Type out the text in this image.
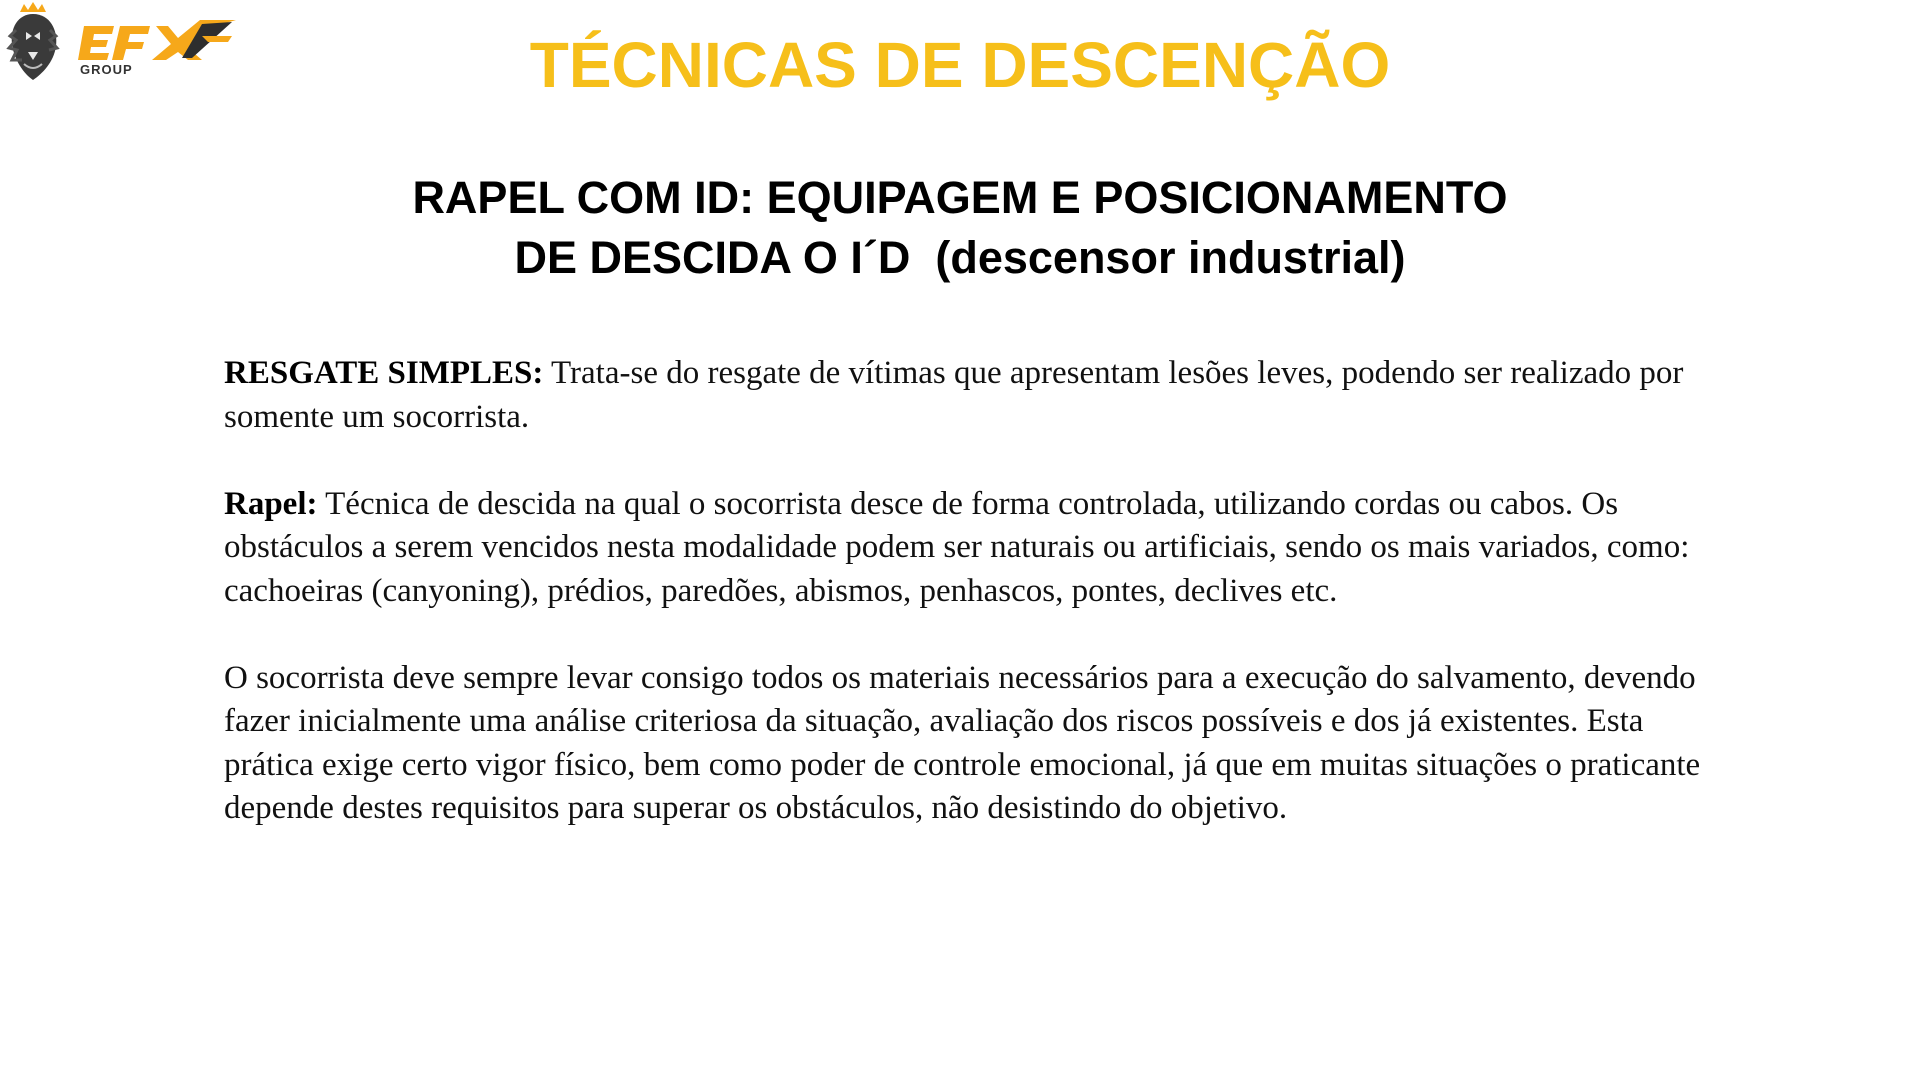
GROUP	TÉCNICAS DE DESCENÇÃO
RAPEL COM ID: EQUIPAGEM E POSICIONAMENTO
DE DESCIDA O I´D  (descensor industrial)

RESGATE SIMPLES: Trata-se do resgate de vítimas que apresentam lesões leves, podendo ser realizado por somente um socorrista.

Rapel: Técnica de descida na qual o socorrista desce de forma controlada, utilizando cordas ou cabos. Os obstáculos a serem vencidos nesta modalidade podem ser naturais ou artificiais, sendo os mais variados, como: cachoeiras (canyoning), prédios, paredões, abismos, penhascos, pontes, declives etc.

O socorrista deve sempre levar consigo todos os materiais necessários para a execução do salvamento, devendo fazer inicialmente uma análise criteriosa da situação, avaliação dos riscos possíveis e dos já existentes. Esta prática exige certo vigor físico, bem como poder de controle emocional, já que em muitas situações o praticante depende destes requisitos para superar os obstáculos, não desistindo do objetivo.
